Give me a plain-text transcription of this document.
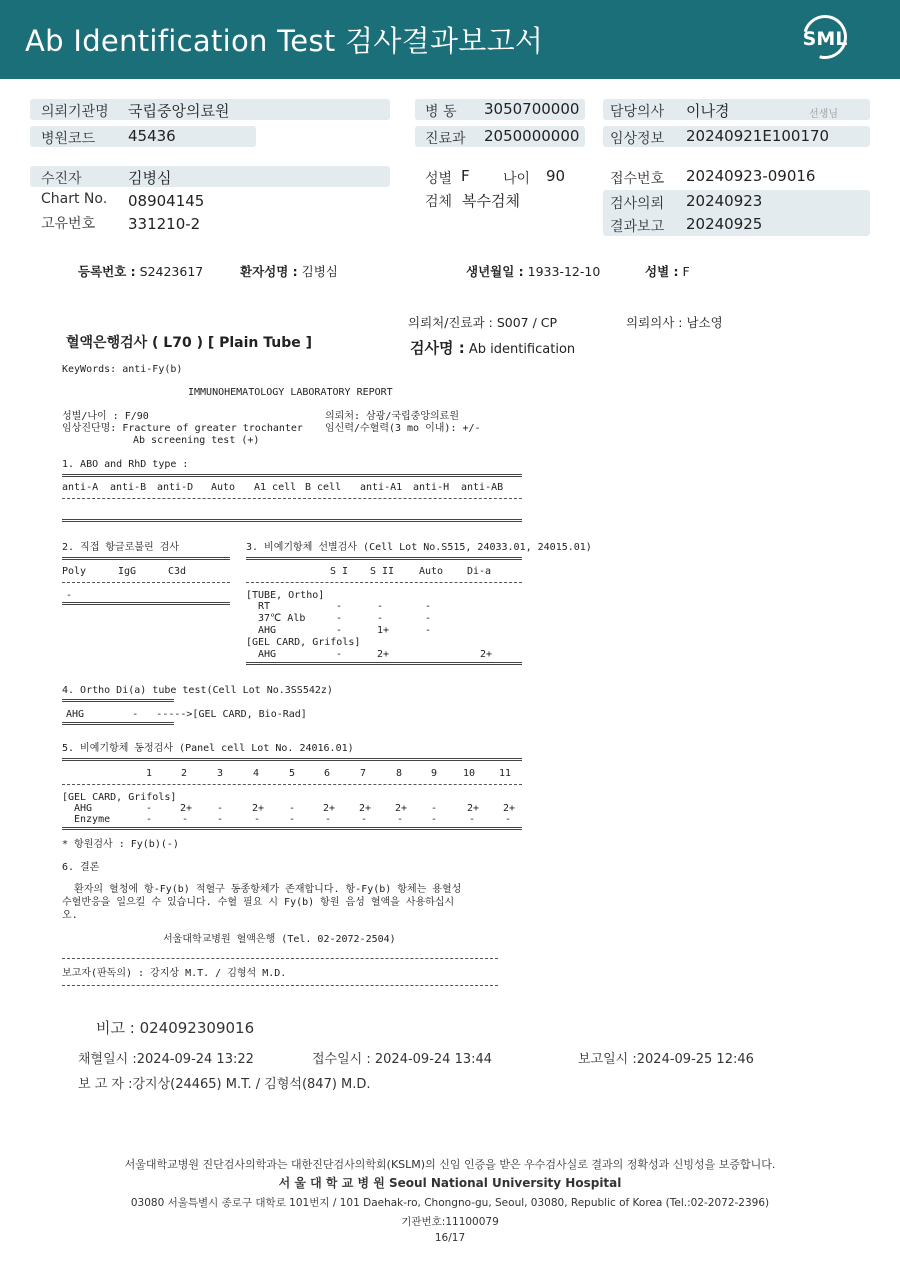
Ab Identification Test 검사결과보고서	SML
의뢰기관명 국립중앙의료원
병원코드 45436
병 동 3050700000
진료과 2050000000
담당의사 이나경	선생님
임상정보 20240921E100170
수진자	김병심
Chart No. 08904145
고유번호 331210-2
성별 F 나이 90
검체 복수검체
접수번호 20240923-09016
검사의뢰 20240923
결과보고 20240925
등록번호 : S2423617	환자성명 : 김병심	생년월일 : 1933-12-10	성별 : F
의뢰처/진료과 : S007 / CP	의뢰의사 : 남소영
혈액은행검사 ( L70 ) [ Plain Tube ]	검사명 : Ab identification
KeyWords: anti-Fy(b)
IMMUNOHEMATOLOGY LABORATORY REPORT
성별/나이 : F/90	의뢰처: 삼광/국립중앙의료원
임상진단명: Fracture of greater trochanter 임신력/수혈력(3 mo 이내): +/-
Ab screening test (+)
1. ABO and RhD type :
anti-A anti-B anti-D Auto A1 cell B cell anti-A1 anti-H anti-AB
2. 직접 항글로불린 검사	3. 비예기항체 선별검사 (Cell Lot No.S515, 24033.01, 24015.01)
Poly	IgG	C3d	S I S II Auto Di-a
-	[TUBE, Ortho]
RT	-	-	-
37℃ Alb	-	-	-
AHG	-	1+	-
[GEL CARD, Grifols]
AHG	-	2+	2+
4. Ortho Di(a) tube test(Cell Lot No.3SS542z)
AHG        -   ----->[GEL CARD, Bio-Rad]
5. 비예기항체 동정검사 (Panel cell Lot No. 24016.01)
1	2	3	4	5	6	7	8	9	10 11
[GEL CARD, Grifols]
AHG	-	2+ -	2+ -	2+ 2+ 2+ -	2+ 2+
Enzyme	-	-	-	-	-	-	-	-	-	-	-
* 항원검사 : Fy(b)(-)
6. 결론
환자의 혈청에 항-Fy(b) 적혈구 동종항체가 존재합니다. 항-Fy(b) 항체는 용혈성
수혈반응을 일으킬 수 있습니다. 수혈 필요 시 Fy(b) 항원 음성 혈액을 사용하십시
오.
서울대학교병원 혈액은행 (Tel. 02-2072-2504)
보고자(판독의) : 강지상 M.T. / 김형석 M.D.
비고 : 024092309016
채혈일시 :2024-09-24 13:22	접수일시 : 2024-09-24 13:44	보고일시 :2024-09-25 12:46
보 고 자 :강지상(24465) M.T. / 김형석(847) M.D.
서울대학교병원 진단검사의학과는 대한진단검사의학회(KSLM)의 신임 인증을 받은 우수검사실로 결과의 정확성과 신빙성을 보증합니다.
서 울 대 학 교 병 원 Seoul National University Hospital
03080 서울특별시 종로구 대학로 101번지 / 101 Daehak-ro, Chongno-gu, Seoul, 03080, Republic of Korea (Tel.:02-2072-2396)
기관번호:11100079
16/17
